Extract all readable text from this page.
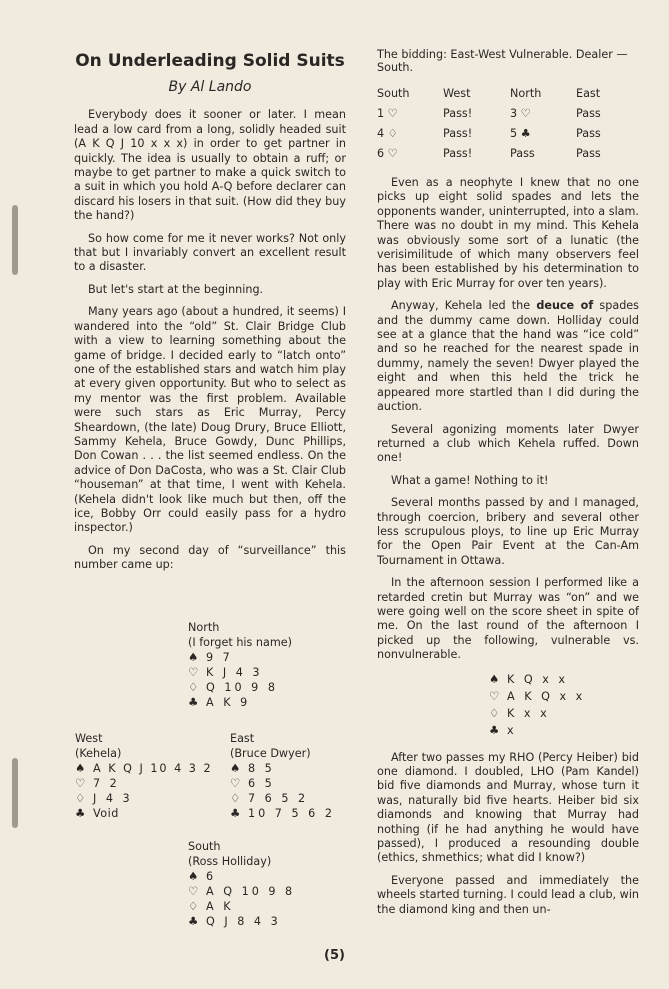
On Underleading Solid Suits
By Al Lando

Everybody does it sooner or later. I mean lead a low card from a long, solidly headed suit (A K Q J 10 x x x) in order to get partner in quickly. The idea is usually to obtain a ruff; or maybe to get partner to make a quick switch to a suit in which you hold A-Q before declarer can discard his losers in that suit. (How did they buy the hand?)

So how come for me it never works? Not only that but I invariably convert an excellent result to a disaster.

But let's start at the beginning.

Many years ago (about a hundred, it seems) I wandered into the “old” St. Clair Bridge Club with a view to learning something about the game of bridge. I decided early to “latch onto” one of the established stars and watch him play at every given opportunity. But who to select as my mentor was the first problem. Available were such stars as Eric Murray, Percy Sheardown, (the late) Doug Drury, Bruce Elliott, Sammy Kehela, Bruce Gowdy, Dunc Phillips, Don Cowan . . . the list seemed endless. On the advice of Don DaCosta, who was a St. Clair Club “houseman” at that time, I went with Kehela. (Kehela didn't look like much but then, off the ice, Bobby Orr could easily pass for a hydro inspector.)

On my second day of “surveillance” this number came up:

North
(I forget his name)
♠ 9 7
♡ K J 4 3
♢ Q 10 9 8
♣ A K 9
West
(Kehela)
♠ A K Q J 10 4 3 2
♡ 7 2
♢ J 4 3
♣ Void
East
(Bruce Dwyer)
♠ 8 5
♡ 6 5
♢ 7 6 5 2
♣ 10 7 5 6 2
South
(Ross Holliday)
♠ 6
♡ A Q 10 9 8
♢ A K
♣ Q J 8 4 3

The bidding: East-West Vulnerable. Dealer — South.

South	West	North	East
1 ♡	Pass!	3 ♡	Pass
4 ♢	Pass!	5 ♣	Pass
6 ♡	Pass!	Pass	Pass

Even as a neophyte I knew that no one picks up eight solid spades and lets the opponents wander, uninterrupted, into a slam. There was no doubt in my mind. This Kehela was obviously some sort of a lunatic (the verisimilitude of which many observers feel has been established by his determination to play with Eric Murray for over ten years).

Anyway, Kehela led the deuce of spades and the dummy came down. Holliday could see at a glance that the hand was “ice cold” and so he reached for the nearest spade in dummy, namely the seven! Dwyer played the eight and when this held the trick he appeared more startled than I did during the auction.

Several agonizing moments later Dwyer returned a club which Kehela ruffed. Down one!

What a game! Nothing to it!

Several months passed by and I managed, through coercion, bribery and several other less scrupulous ploys, to line up Eric Murray for the Open Pair Event at the Can-Am Tournament in Ottawa.

In the afternoon session I performed like a retarded cretin but Murray was “on” and we were going well on the score sheet in spite of me. On the last round of the afternoon I picked up the following, vulnerable vs. nonvulnerable.

♠ K Q x x
♡ A K Q x x
♢ K x x
♣ x

After two passes my RHO (Percy Heiber) bid one diamond. I doubled, LHO (Pam Kandel) bid five diamonds and Murray, whose turn it was, naturally bid five hearts. Heiber bid six diamonds and knowing that Murray had nothing (if he had anything he would have passed), I produced a resounding double (ethics, shmethics; what did I know?)

Everyone passed and immediately the wheels started turning. I could lead a club, win the diamond king and then un-

(5)
